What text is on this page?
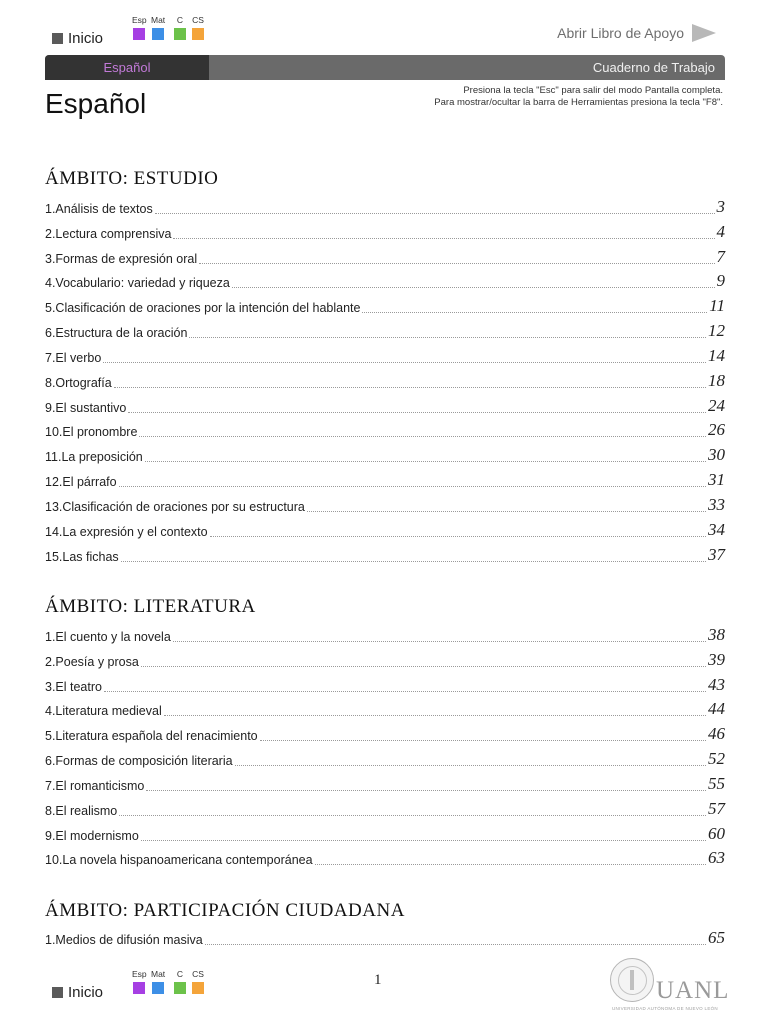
Inicio
Esp Mat	C	CS
Abrir Libro de Apoyo
Español	Cuaderno de Trabajo
Español	Presiona la tecla "Esc" para salir del modo Pantalla completa.
Para mostrar/ocultar la barra de Herramientas presiona la tecla "F8".
ÁMBITO: ESTUDIO
1.Análisis de textos	3
2.Lectura comprensiva	4
3.Formas de expresión oral	7
4.Vocabulario: variedad y riqueza	9
5.Clasificación de oraciones por la intención del hablante	11
6.Estructura de la oración	12
7.El verbo	14
8.Ortografía	18
9.El sustantivo	24
10.El pronombre	26
11.La preposición	30
12.El párrafo	31
13.Clasificación de oraciones por su estructura	33
14.La expresión y el contexto	34
15.Las fichas	37
ÁMBITO: LITERATURA
1.El cuento y la novela	38
2.Poesía y prosa	39
3.El teatro	43
4.Literatura medieval	44
5.Literatura española del renacimiento	46
6.Formas de composición literaria	52
7.El romanticismo	55
8.El realismo	57
9.El modernismo	60
10.La novela hispanoamericana contemporánea	63
ÁMBITO: PARTICIPACIÓN CIUDADANA
1.Medios de difusión masiva	65
Inicio
Esp Mat	C	CS	1	UANL
UNIVERSIDAD AUTÓNOMA DE NUEVO LEÓN
